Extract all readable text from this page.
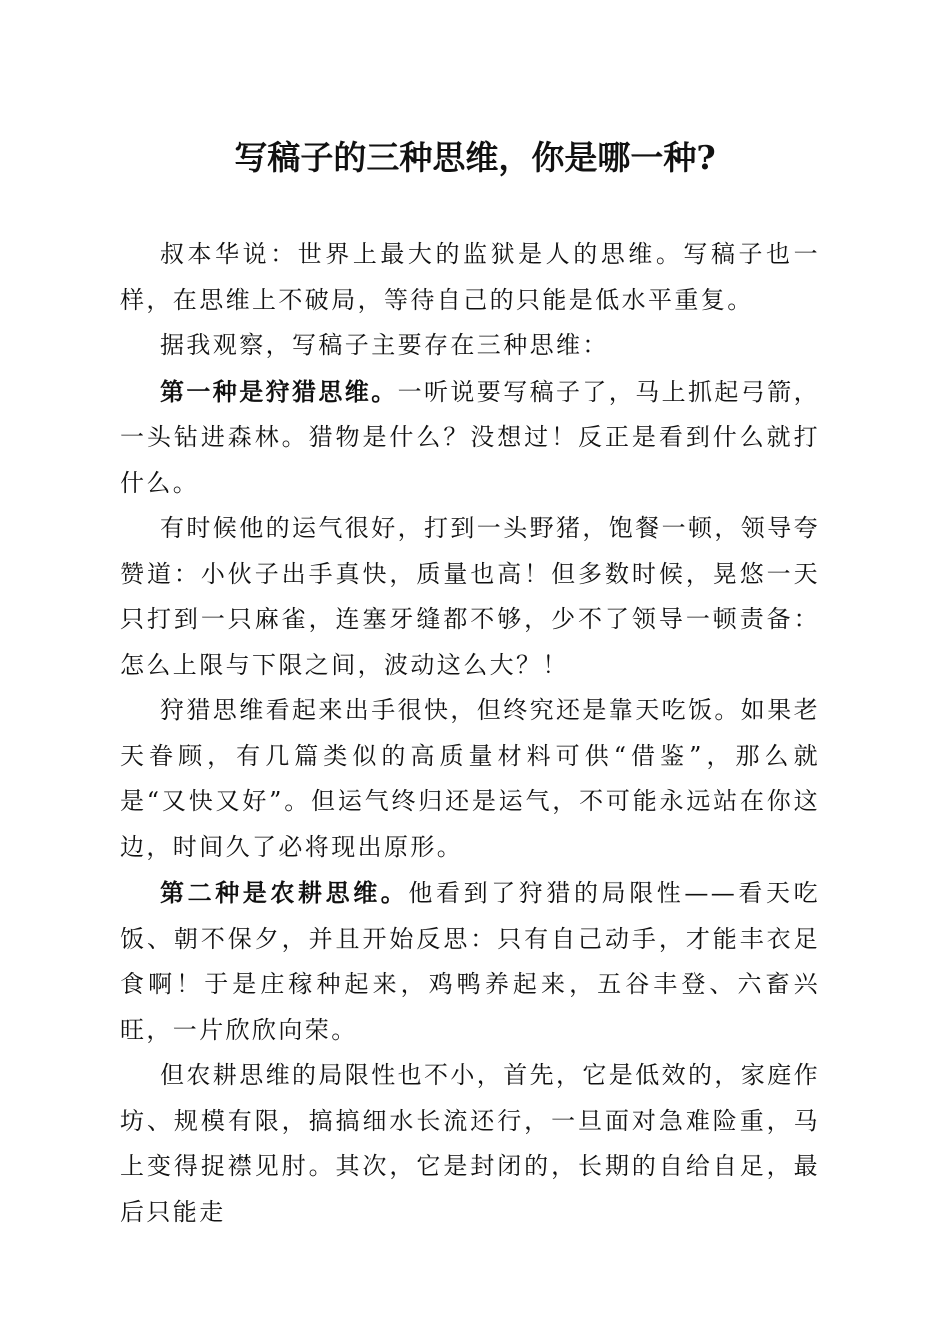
写稿子的三种思维，你是哪一种?

叔本华说：世界上最大的监狱是人的思维。写稿子也一样，在思维上不破局，等待自己的只能是低水平重复。

据我观察，写稿子主要存在三种思维：

第一种是狩猎思维。一听说要写稿子了，马上抓起弓箭，一头钻进森林。猎物是什么？没想过！反正是看到什么就打什么。

有时候他的运气很好，打到一头野猪，饱餐一顿，领导夸赞道：小伙子出手真快，质量也高！但多数时候，晃悠一天只打到一只麻雀，连塞牙缝都不够，少不了领导一顿责备：怎么上限与下限之间，波动这么大？！

狩猎思维看起来出手很快，但终究还是靠天吃饭。如果老天眷顾，有几篇类似的高质量材料可供“借鉴”，那么就是“又快又好”。但运气终归还是运气，不可能永远站在你这边，时间久了必将现出原形。

第二种是农耕思维。他看到了狩猎的局限性——看天吃饭、朝不保夕，并且开始反思：只有自己动手，才能丰衣足食啊！于是庄稼种起来，鸡鸭养起来，五谷丰登、六畜兴旺，一片欣欣向荣。

但农耕思维的局限性也不小，首先，它是低效的，家庭作坊、规模有限，搞搞细水长流还行，一旦面对急难险重，马上变得捉襟见肘。其次，它是封闭的，长期的自给自足，最后只能走
